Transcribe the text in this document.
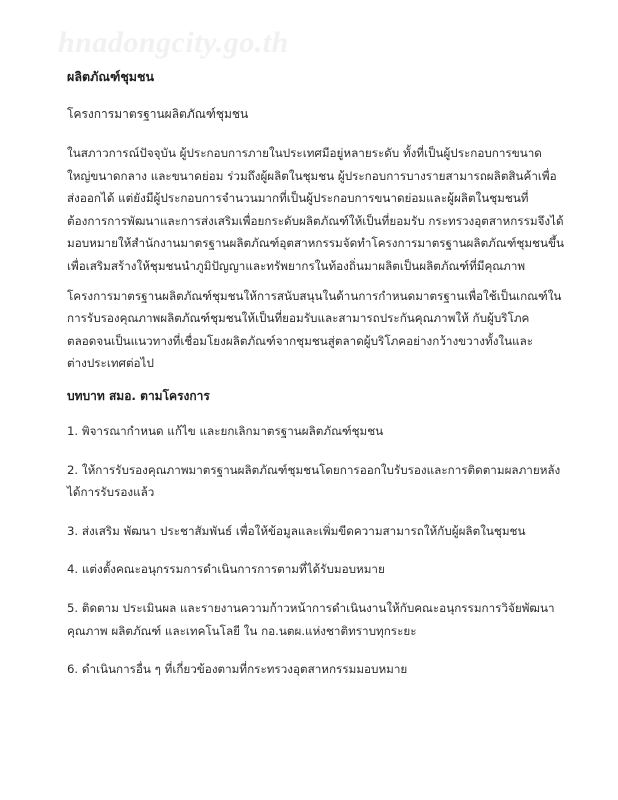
hnadongcity.go.th
ผลิตภัณฑ์ชุมชน
โครงการมาตรฐานผลิตภัณฑ์ชุมชน
ในสภาวการณ์ปัจจุบัน ผู้ประกอบการภายในประเทศมีอยู่หลายระดับ ทั้งที่เป็นผู้ประกอบการขนาด
ใหญ่ขนาดกลาง และขนาดย่อม ร่วมถึงผู้ผลิตในชุมชน ผู้ประกอบการบางรายสามารถผลิตสินค้าเพื่อ
ส่งออกได้ แต่ยังมีผู้ประกอบการจำนวนมากที่เป็นผู้ประกอบการขนาดย่อมและผู้ผลิตในชุมชนที่
ต้องการการพัฒนาและการส่งเสริมเพื่อยกระดับผลิตภัณฑ์ให้เป็นที่ยอมรับ กระทรวงอุตสาหกรรมจึงได้
มอบหมายให้สำนักงานมาตรฐานผลิตภัณฑ์อุตสาหกรรมจัดทำโครงการมาตรฐานผลิตภัณฑ์ชุมชนขึ้น
เพื่อเสริมสร้างให้ชุมชนนำภูมิปัญญาและทรัพยากรในท้องถิ่นมาผลิตเป็นผลิตภัณฑ์ที่มีคุณภาพ
โครงการมาตรฐานผลิตภัณฑ์ชุมชนให้การสนับสนุนในด้านการกำหนดมาตรฐานเพื่อใช้เป็นเกณฑ์ใน
การรับรองคุณภาพผลิตภัณฑ์ชุมชนให้เป็นที่ยอมรับและสามารถประกันคุณภาพให้ กับผู้บริโภค
ตลอดจนเป็นแนวทางที่เชื่อมโยงผลิตภัณฑ์จากชุมชนสู่ตลาดผู้บริโภคอย่างกว้างขวางทั้งในและ
ต่างประเทศต่อไป
บทบาท สมอ. ตามโครงการ
1. พิจารณากำหนด แก้ไข และยกเลิกมาตรฐานผลิตภัณฑ์ชุมชน
2. ให้การรับรองคุณภาพมาตรฐานผลิตภัณฑ์ชุมชนโดยการออกใบรับรองและการติดตามผลภายหลัง
ได้การรับรองแล้ว
3. ส่งเสริม พัฒนา ประชาสัมพันธ์ เพื่อให้ข้อมูลและเพิ่มขีดความสามารถให้กับผู้ผลิตในชุมชน
4. แต่งตั้งคณะอนุกรรมการดำเนินการการตามที่ได้รับมอบหมาย
5. ติดตาม ประเมินผล และรายงานความก้าวหน้าการดำเนินงานให้กับคณะอนุกรรมการวิจัยพัฒนา
คุณภาพ ผลิตภัณฑ์ และเทคโนโลยี ใน กอ.นตผ.แห่งชาติทราบทุกระยะ
6. ดำเนินการอื่น ๆ ที่เกี่ยวข้องตามที่กระทรวงอุตสาหกรรมมอบหมาย
